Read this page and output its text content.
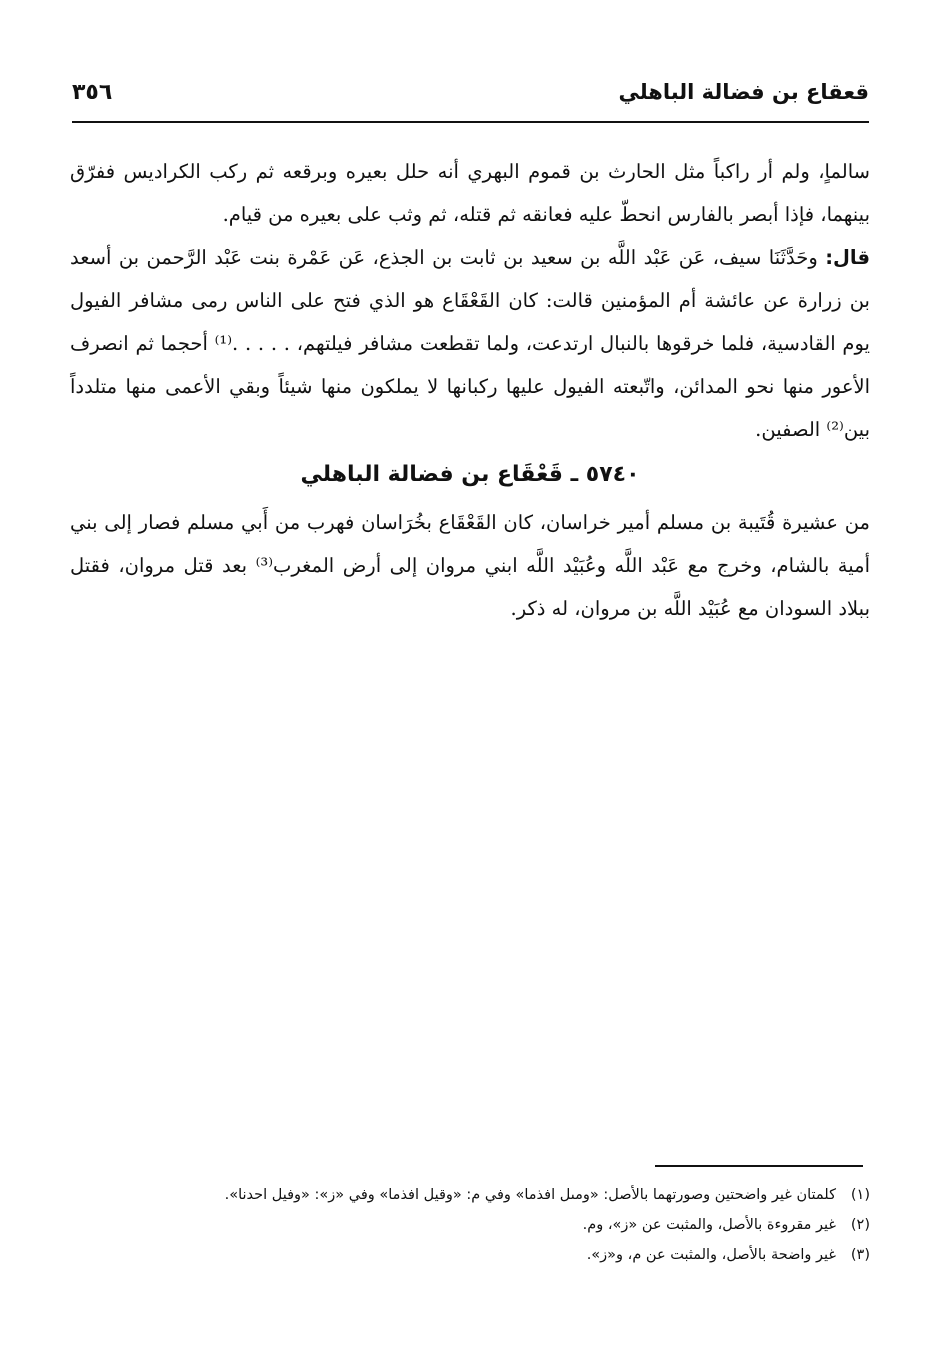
قعقاع بن فضالة الباهلي
٣٥٦

سالماٍ، ولم أر راكباً مثل الحارث بن قموم البهري أنه حلل بعيره وبرقعه ثم ركب الكراديس ففرّق بينهما، فإذا أبصر بالفارس انحطّ عليه فعانقه ثم قتله، ثم وثب على بعيره من قيام.

قال: وحَدَّثَنَا سيف، عَن عَبْد اللَّه بن سعيد بن ثابت بن الجذع، عَن عَمْرة بنت عَبْد الرَّحمن بن أسعد بن زرارة عن عائشة أم المؤمنين قالت: كان القَعْقَاع هو الذي فتح على الناس رمى مشافر الفيول يوم القادسية، فلما خرقوها بالنبال ارتدعت، ولما تقطعت مشافر فيلتهم، . . . . .⁽¹⁾ أحجما ثم انصرف الأعور منها نحو المدائن، واتّبعته الفيول عليها ركبانها لا يملكون منها شيئاً وبقي الأعمى منها متلدداً بين⁽²⁾ الصفين.

٥٧٤٠ ـ قَعْقَاع بن فضالة الباهلي

من عشيرة قُتَيبة بن مسلم أمير خراسان، كان القَعْقَاع بخُرَاسان فهرب من أَبي مسلم فصار إلى بني أمية بالشام، وخرج مع عَبْد اللَّه وعُبَيْد اللَّه ابني مروان إلى أرض المغرب⁽³⁾ بعد قتل مروان، فقتل ببلاد السودان مع عُبَيْد اللَّه بن مروان، له ذكر.

(١)كلمتان غير واضحتين وصورتهما بالأصل: «ومىل افذما» وفي م: «وقيل افذما» وفي «ز»: «وفيل احدنا».
(٢)غير مقروءة بالأصل، والمثبت عن «ز»، وم.
(٣)غير واضحة بالأصل، والمثبت عن م، و«ز».
